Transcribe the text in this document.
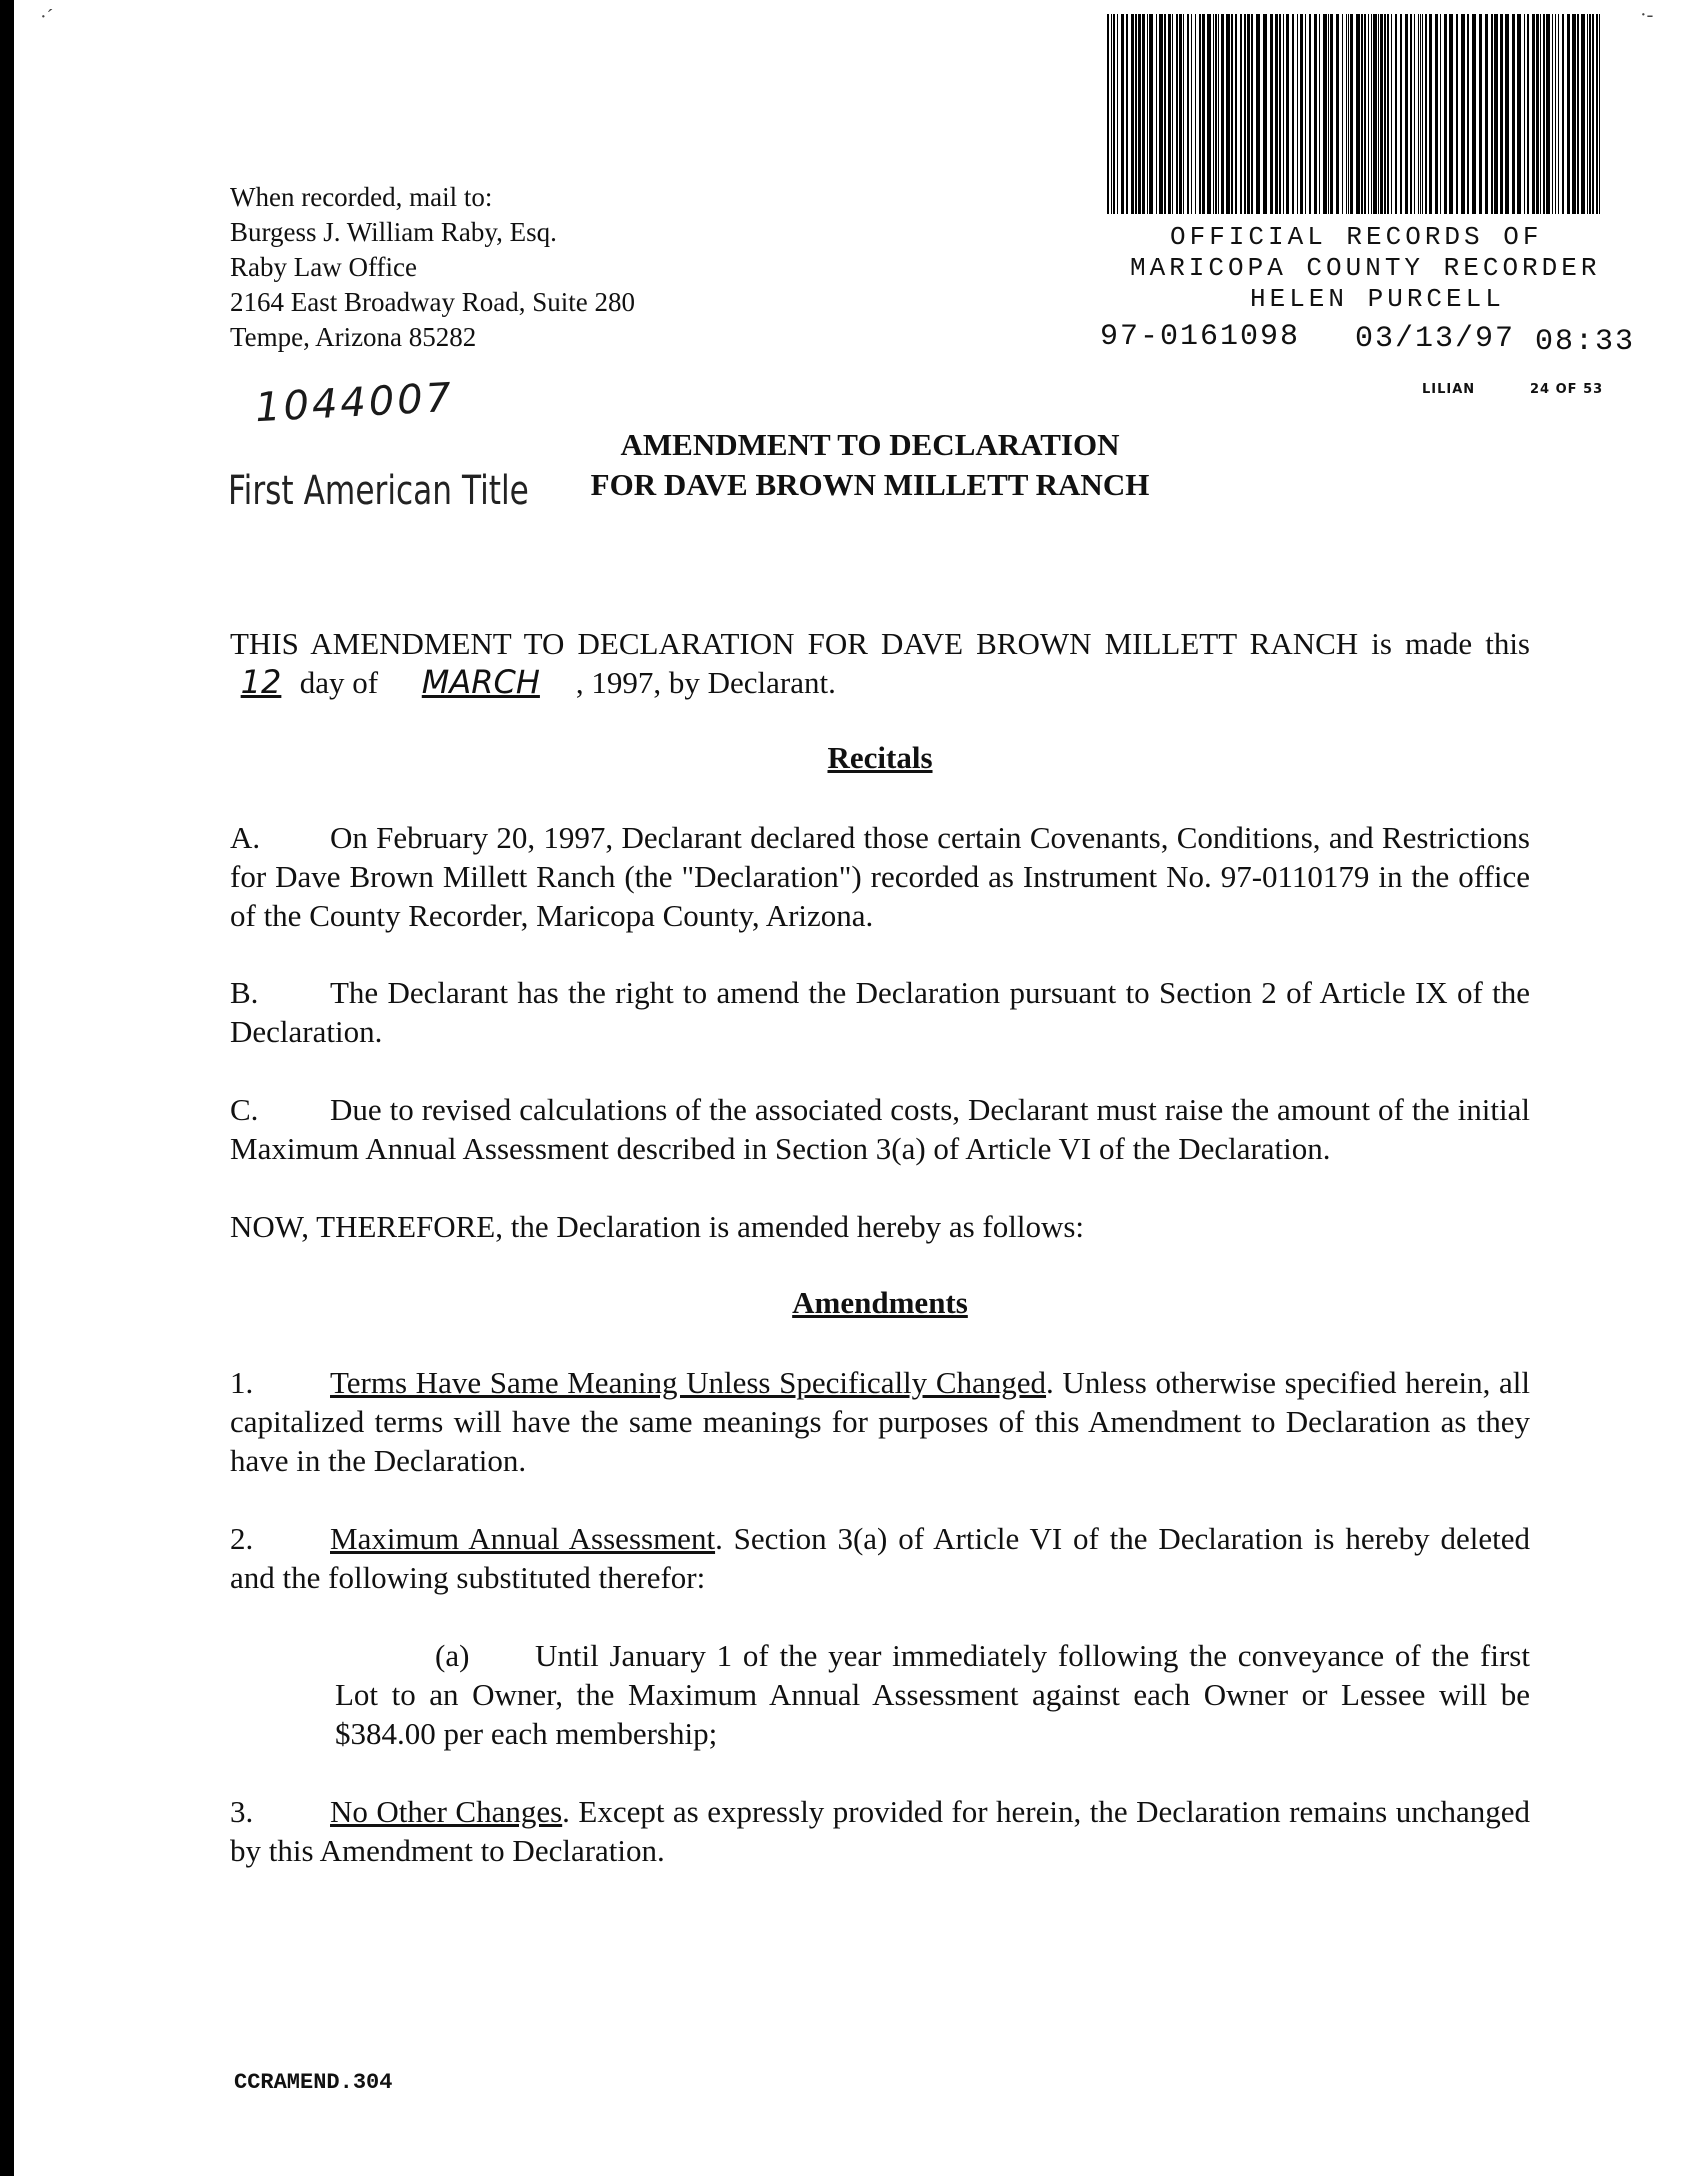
·ˊ	·‐
When recorded, mail to:
Burgess J. William Raby, Esq.
Raby Law Office
2164 East Broadway Road, Suite 280
Tempe, Arizona 85282
OFFICIAL RECORDS OF
MARICOPA COUNTY RECORDER
HELEN PURCELL
97-0161098 03/13/97 08:33
LILIAN	24 OF 53
1044007
First American Title
AMENDMENT TO DECLARATION
FOR DAVE BROWN MILLETT RANCH

THIS AMENDMENT TO DECLARATION FOR DAVE BROWN MILLETT RANCH is made this 12 day of MARCH , 1997, by Declarant.

Recitals
A. On February 20, 1997, Declarant declared those certain Covenants, Conditions, and Restrictions for Dave Brown Millett Ranch (the "Declaration") recorded as Instrument No. 97-0110179 in the office of the County Recorder, Maricopa County, Arizona.
B. The Declarant has the right to amend the Declaration pursuant to Section 2 of Article IX of the Declaration.
C. Due to revised calculations of the associated costs, Declarant must raise the amount of the initial Maximum Annual Assessment described in Section 3(a) of Article VI of the Declaration.
NOW, THEREFORE, the Declaration is amended hereby as follows:
Amendments
1. Terms Have Same Meaning Unless Specifically Changed. Unless otherwise specified herein, all capitalized terms will have the same meanings for purposes of this Amendment to Declaration as they have in the Declaration.
2. Maximum Annual Assessment. Section 3(a) of Article VI of the Declaration is hereby deleted and the following substituted therefor:
(a) Until January 1 of the year immediately following the conveyance of the first Lot to an Owner, the Maximum Annual Assessment against each Owner or Lessee will be $384.00 per each membership;
3. No Other Changes. Except as expressly provided for herein, the Declaration remains unchanged by this Amendment to Declaration.
CCRAMEND.304
